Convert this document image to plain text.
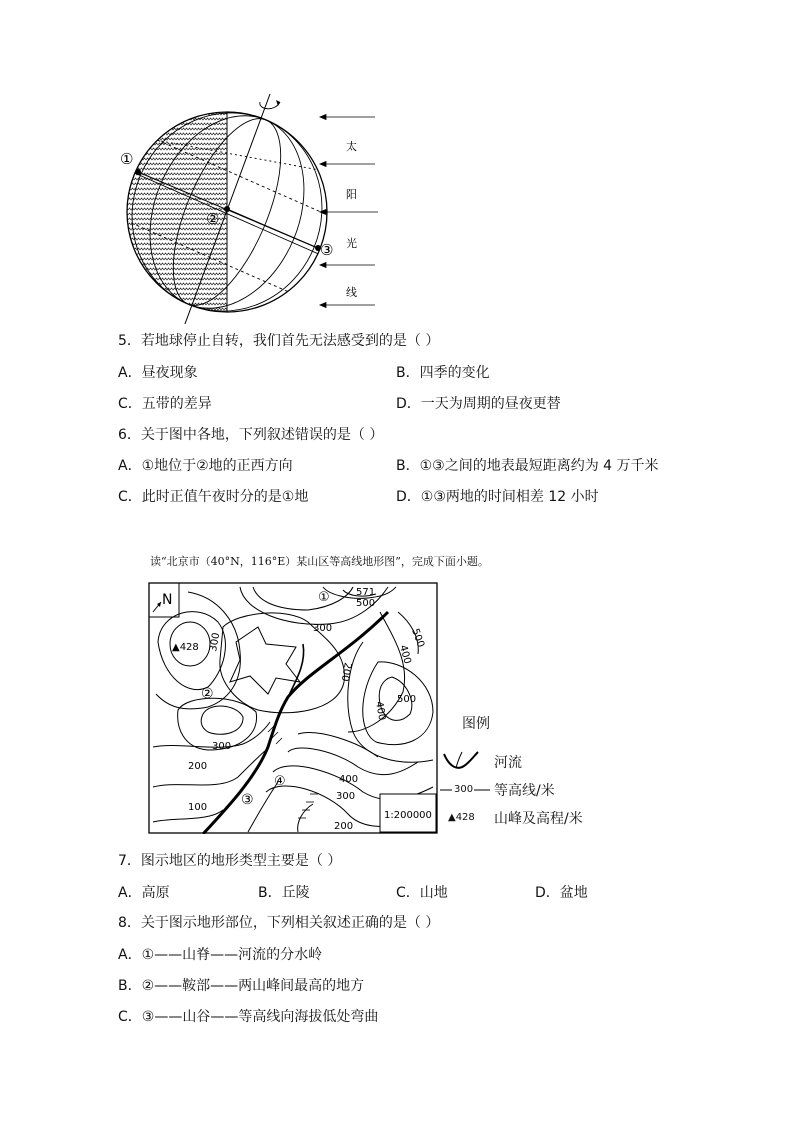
①
②
③
太
阳
光
线
5．若地球停止自转，我们首先无法感受到的是（ ）
A．昼夜现象	B．四季的变化
C．五带的差异	D．一天为周期的昼夜更替
6．关于图中各地，下列叙述错误的是（ ）
A．①地位于②地的正西方向	B．①③之间的地表最短距离约为 4 万千米
C．此时正值午夜时分的是①地	D．①③两地的时间相差 12 小时
读“北京市（40°N，116°E）某山区等高线地形图”，完成下面小题。
N
▲428
571
500
300	500
400
200
300
500
400
300
200
400
300
100
200
①
②
③
④
1:200000
图例
河流
300 等高线/米
▲428 山峰及高程/米
7．图示地区的地形类型主要是（ ）
A．高原	B．丘陵	C．山地	D．盆地
8．关于图示地形部位，下列相关叙述正确的是（ ）
A．①——山脊——河流的分水岭
B．②——鞍部——两山峰间最高的地方
C．③——山谷——等高线向海拔低处弯曲
